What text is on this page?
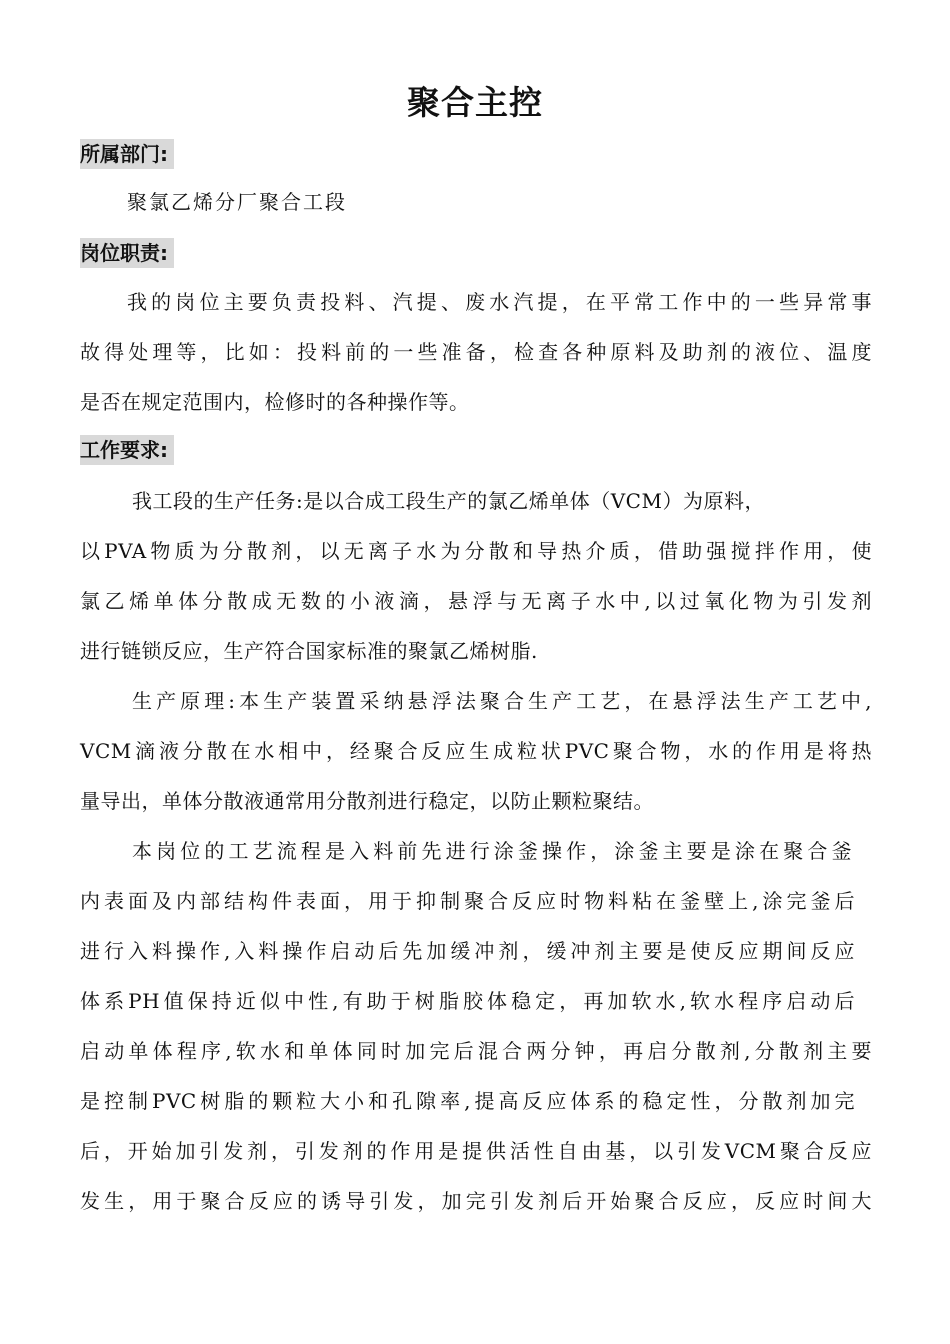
聚合主控
所属部门:
聚氯乙烯分厂聚合工段
岗位职责:
我的岗位主要负责投料、汽提、废水汽提，在平常工作中的一些异常事
故得处理等，比如：投料前的一些准备，检查各种原料及助剂的液位、温度
是否在规定范围内，检修时的各种操作等。
工作要求:
我工段的生产任务:是以合成工段生产的氯乙烯单体（VCM）为原料，
以PVA物质为分散剂，以无离子水为分散和导热介质，借助强搅拌作用，使
氯乙烯单体分散成无数的小液滴，悬浮与无离子水中,以过氧化物为引发剂
进行链锁反应，生产符合国家标准的聚氯乙烯树脂.
生产原理:本生产装置采纳悬浮法聚合生产工艺，在悬浮法生产工艺中,
VCM滴液分散在水相中，经聚合反应生成粒状PVC聚合物，水的作用是将热
量导出，单体分散液通常用分散剂进行稳定，以防止颗粒聚结。
本岗位的工艺流程是入料前先进行涂釜操作，涂釜主要是涂在聚合釜
内表面及内部结构件表面，用于抑制聚合反应时物料粘在釜壁上,涂完釜后
进行入料操作,入料操作启动后先加缓冲剂，缓冲剂主要是使反应期间反应
体系PH值保持近似中性,有助于树脂胶体稳定，再加软水,软水程序启动后
启动单体程序,软水和单体同时加完后混合两分钟，再启分散剂,分散剂主要
是控制PVC树脂的颗粒大小和孔隙率,提高反应体系的稳定性，分散剂加完
后，开始加引发剂，引发剂的作用是提供活性自由基，以引发VCM聚合反应
发生，用于聚合反应的诱导引发，加完引发剂后开始聚合反应，反应时间大
